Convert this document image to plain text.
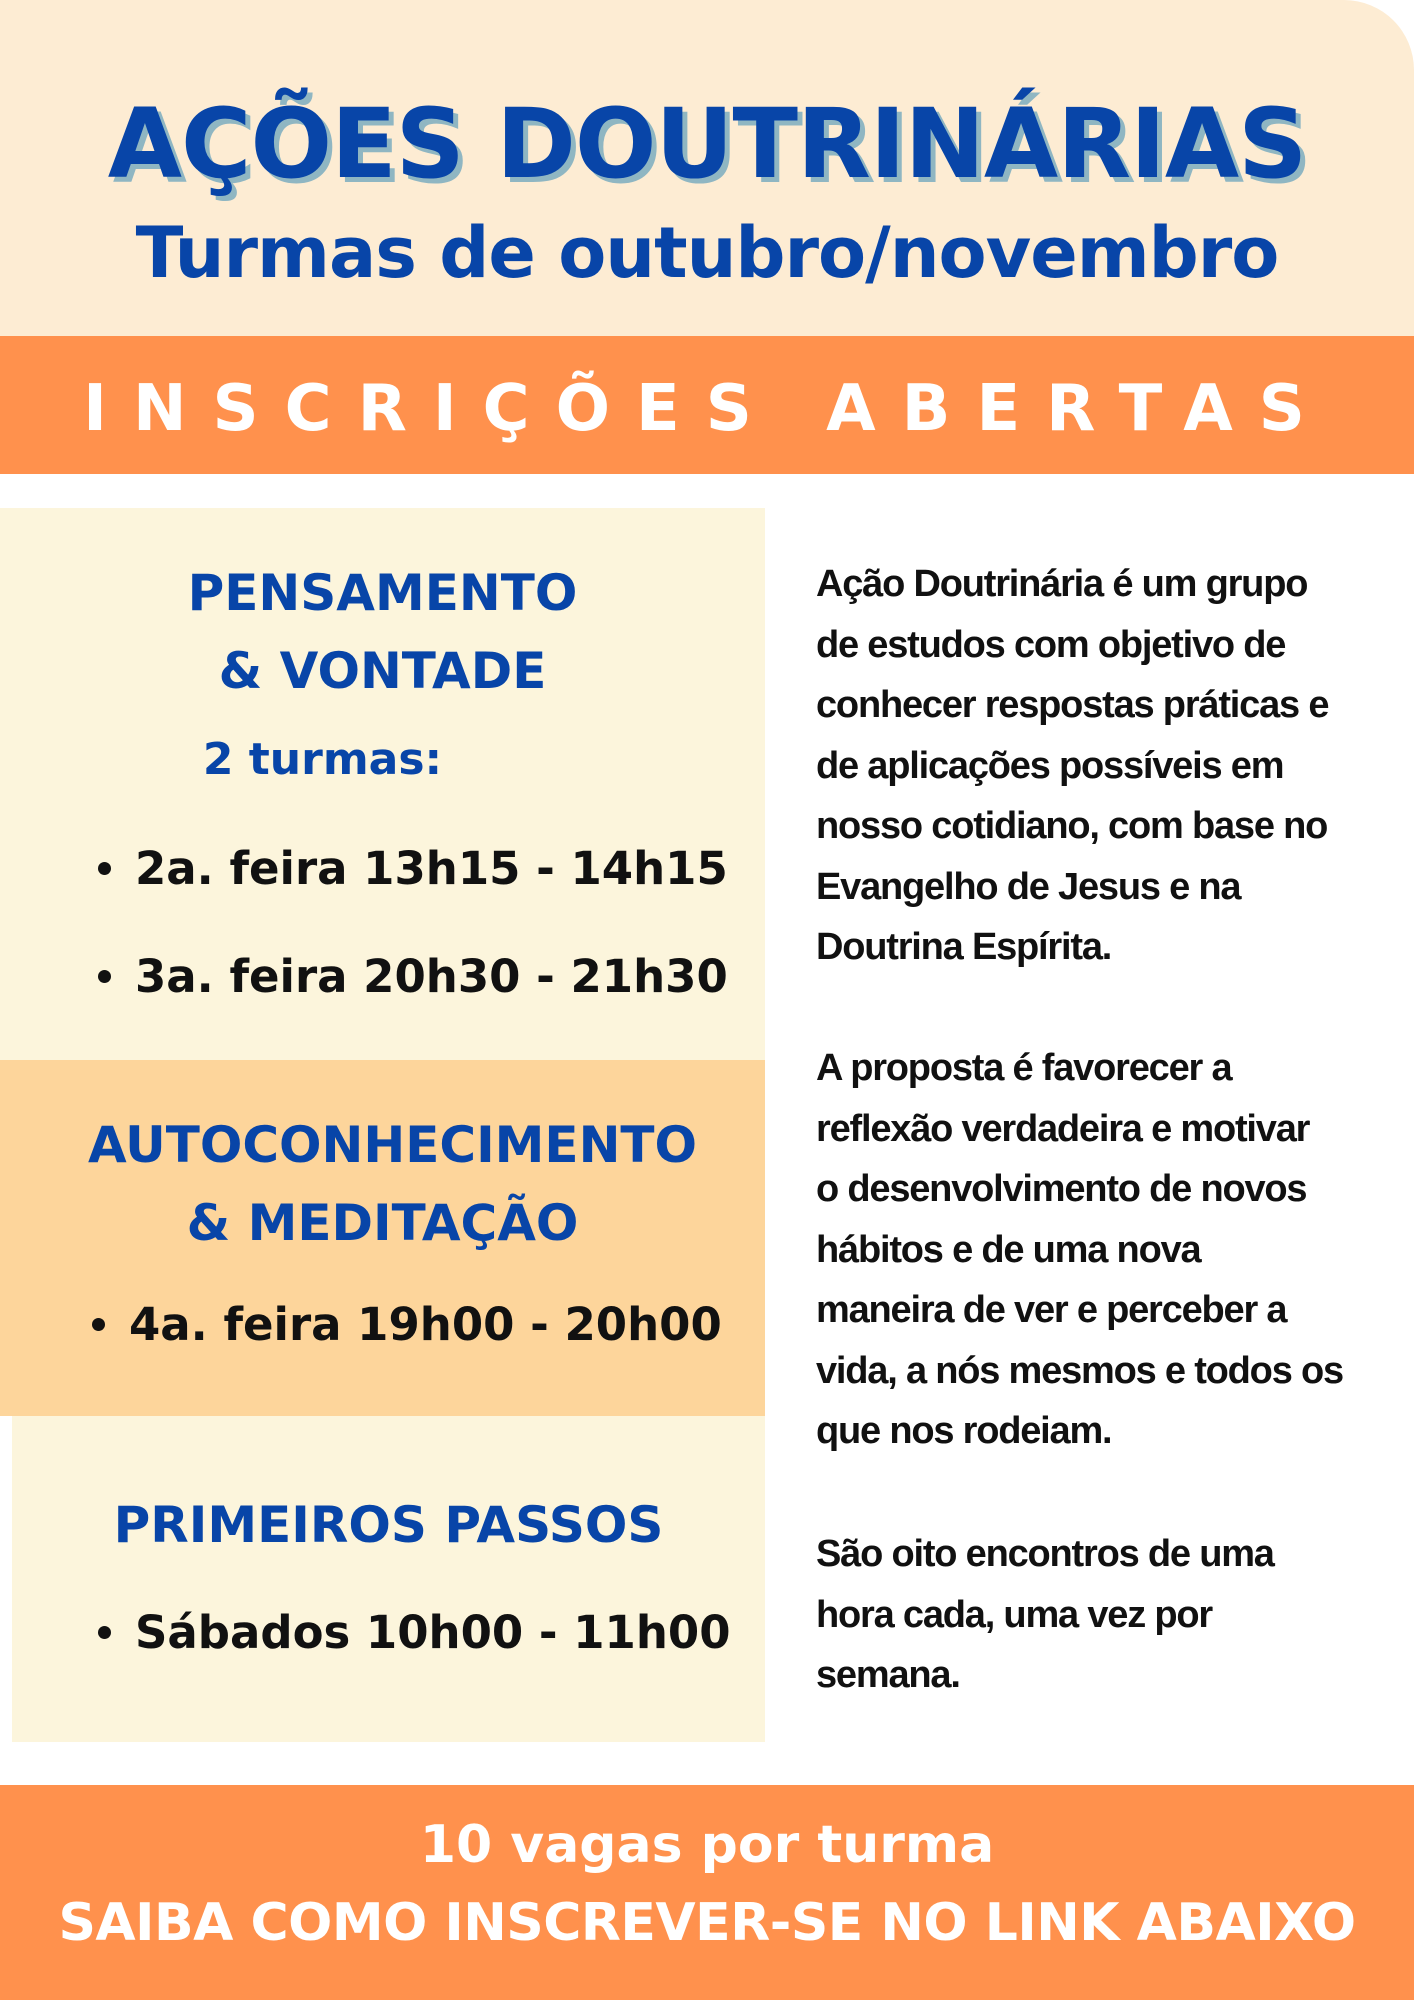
AÇÕES DOUTRINÁRIAS
Turmas de outubro/novembro
INSCRIÇÕES ABERTAS
PENSAMENTO
& VONTADE
2 turmas:
2a. feira 13h15 - 14h15
3a. feira 20h30 - 21h30
AUTOCONHECIMENTO
& MEDITAÇÃO
4a. feira 19h00 - 20h00
PRIMEIROS PASSOS
Sábados 10h00 - 11h00

Ação Doutrinária é um grupo

de estudos com objetivo de

conhecer respostas práticas e

de aplicações possíveis em

nosso cotidiano, com base no

Evangelho de Jesus e na

Doutrina Espírita.

A proposta é favorecer a

reflexão verdadeira e motivar

o desenvolvimento de novos

hábitos e de uma nova

maneira de ver e perceber a

vida, a nós mesmos e todos os

que nos rodeiam.

São oito encontros de uma

hora cada, uma vez por

semana.

10 vagas por turma
SAIBA COMO INSCREVER-SE NO LINK ABAIXO
